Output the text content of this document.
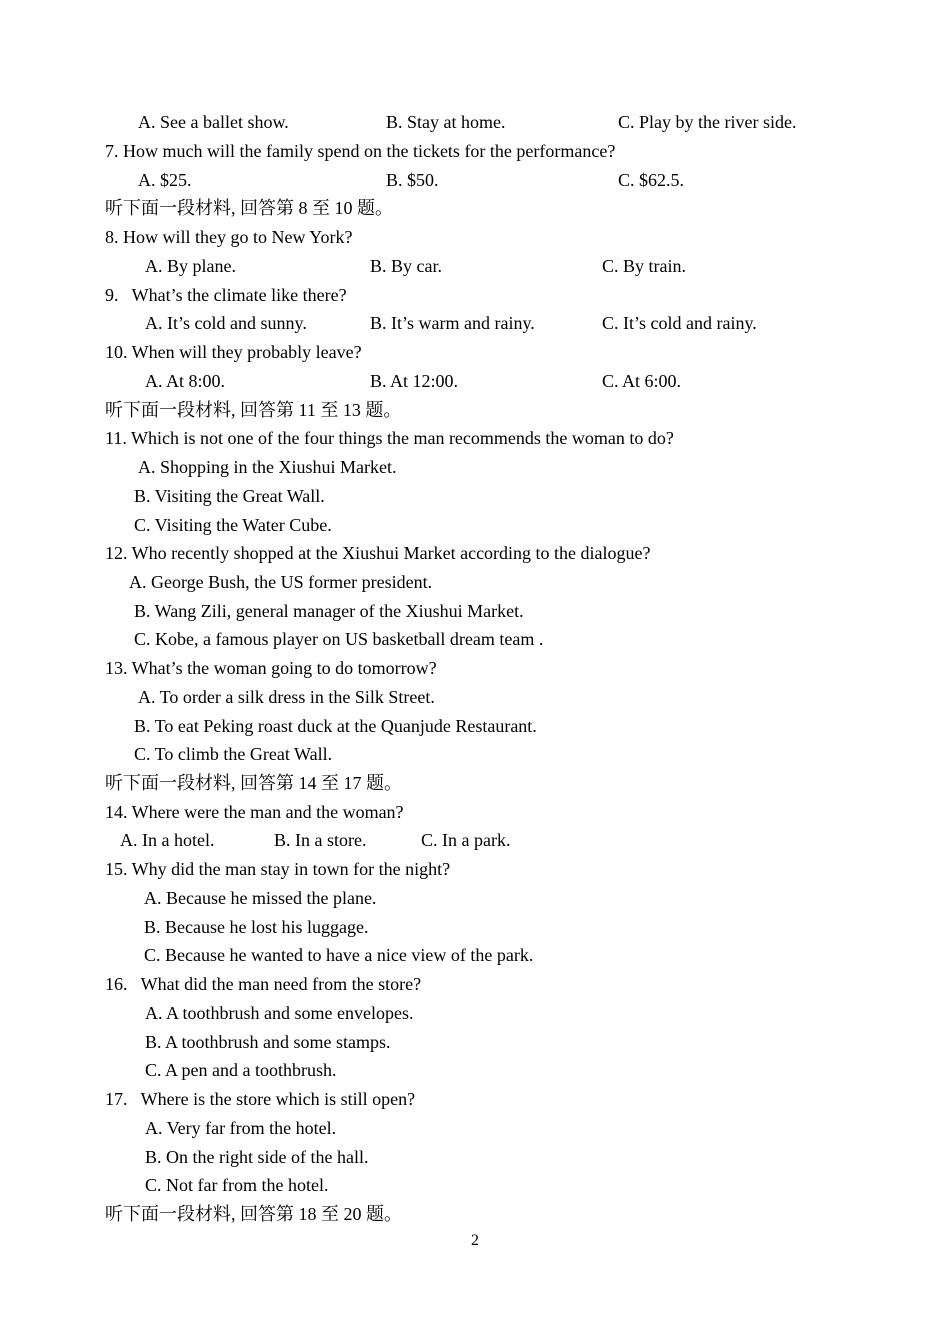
A. See a ballet show.	B. Stay at home.	C. Play by the river side.
7. How much will the family spend on the tickets for the performance?
A. $25.	B. $50.	C. $62.5.
听下面一段材料, 回答第 8 至 10 题。
8. How will they go to New York?
A. By plane.	B. By car.	C. By train.
9.   What’s the climate like there?
A. It’s cold and sunny.	B. It’s warm and rainy.	C. It’s cold and rainy.
10. When will they probably leave?
A. At 8:00.	B. At 12:00.	C. At 6:00.
听下面一段材料, 回答第 11 至 13 题。
11. Which is not one of the four things the man recommends the woman to do?
A. Shopping in the Xiushui Market.
B. Visiting the Great Wall.
C. Visiting the Water Cube.
12. Who recently shopped at the Xiushui Market according to the dialogue?
A. George Bush, the US former president.
B. Wang Zili, general manager of the Xiushui Market.
C. Kobe, a famous player on US basketball dream team .
13. What’s the woman going to do tomorrow?
A. To order a silk dress in the Silk Street.
B. To eat Peking roast duck at the Quanjude Restaurant.
C. To climb the Great Wall.
听下面一段材料, 回答第 14 至 17 题。
14. Where were the man and the woman?
A. In a hotel.	B. In a store.	C. In a park.
15. Why did the man stay in town for the night?
A. Because he missed the plane.
B. Because he lost his luggage.
C. Because he wanted to have a nice view of the park.
16.   What did the man need from the store?
A. A toothbrush and some envelopes.
B. A toothbrush and some stamps.
C. A pen and a toothbrush.
17.   Where is the store which is still open?
A. Very far from the hotel.
B. On the right side of the hall.
C. Not far from the hotel.
听下面一段材料, 回答第 18 至 20 题。
2
